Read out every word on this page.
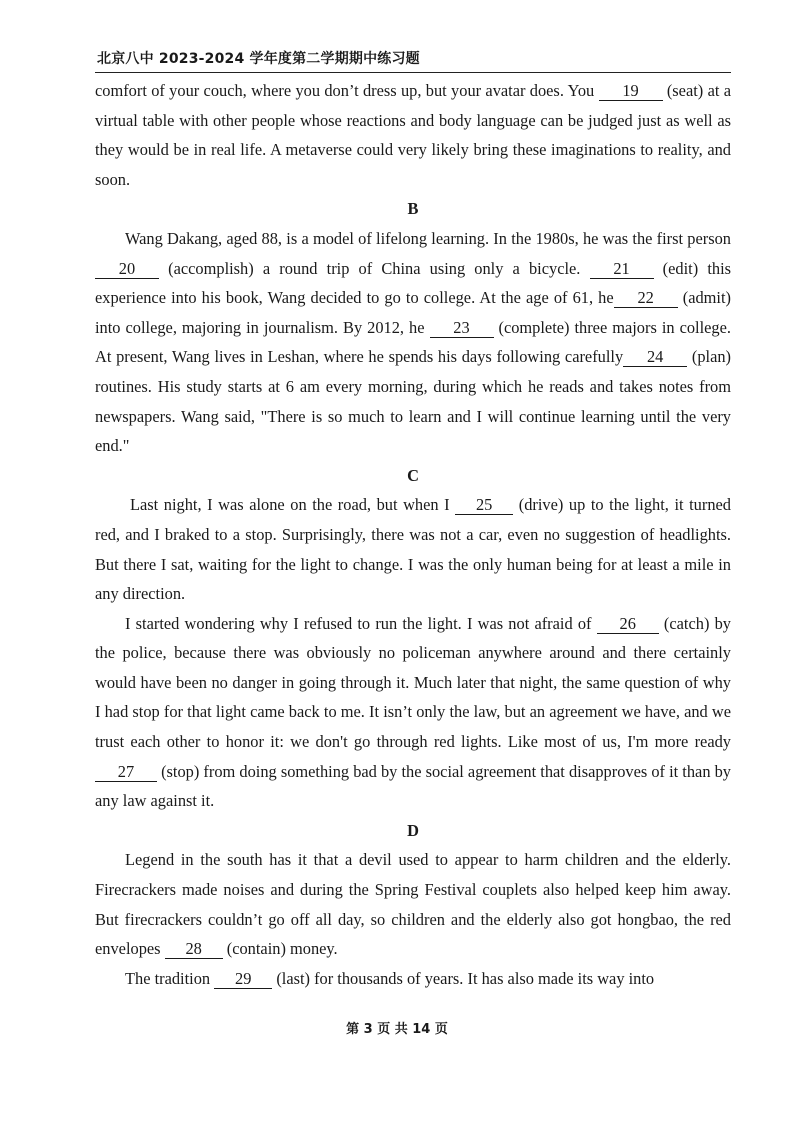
北京八中 2023-2024 学年度第二学期期中练习题

comfort of your couch, where you don’t dress up, but your avatar does. You 19 (seat) at a virtual table with other people whose reactions and body language can be judged just as well as they would be in real life. A metaverse could very likely bring these imaginations to reality, and soon.

B

Wang Dakang, aged 88, is a model of lifelong learning. In the 1980s, he was the first person 20 (accomplish) a round trip of China using only a bicycle. 21 (edit) this experience into his book, Wang decided to go to college. At the age of 61, he 22 (admit) into college, majoring in journalism. By 2012, he 23 (complete) three majors in college. At present, Wang lives in Leshan, where he spends his days following carefully 24 (plan) routines. His study starts at 6 am every morning, during which he reads and takes notes from newspapers. Wang said, "There is so much to learn and I will continue learning until the very end."

C

Last night, I was alone on the road, but when I 25 (drive) up to the light, it turned red, and I braked to a stop. Surprisingly, there was not a car, even no suggestion of headlights. But there I sat, waiting for the light to change. I was the only human being for at least a mile in any direction.

I started wondering why I refused to run the light. I was not afraid of 26 (catch) by the police, because there was obviously no policeman anywhere around and there certainly would have been no danger in going through it. Much later that night, the same question of why I had stop for that light came back to me. It isn’t only the law, but an agreement we have, and we trust each other to honor it: we don't go through red lights. Like most of us, I'm more ready 27 (stop) from doing something bad by the social agreement that disapproves of it than by any law against it.

D

Legend in the south has it that a devil used to appear to harm children and the elderly. Firecrackers made noises and during the Spring Festival couplets also helped keep him away. But firecrackers couldn’t go off all day, so children and the elderly also got hongbao, the red envelopes 28 (contain) money.

The tradition 29 (last) for thousands of years. It has also made its way into

第 3 页 共 14 页
